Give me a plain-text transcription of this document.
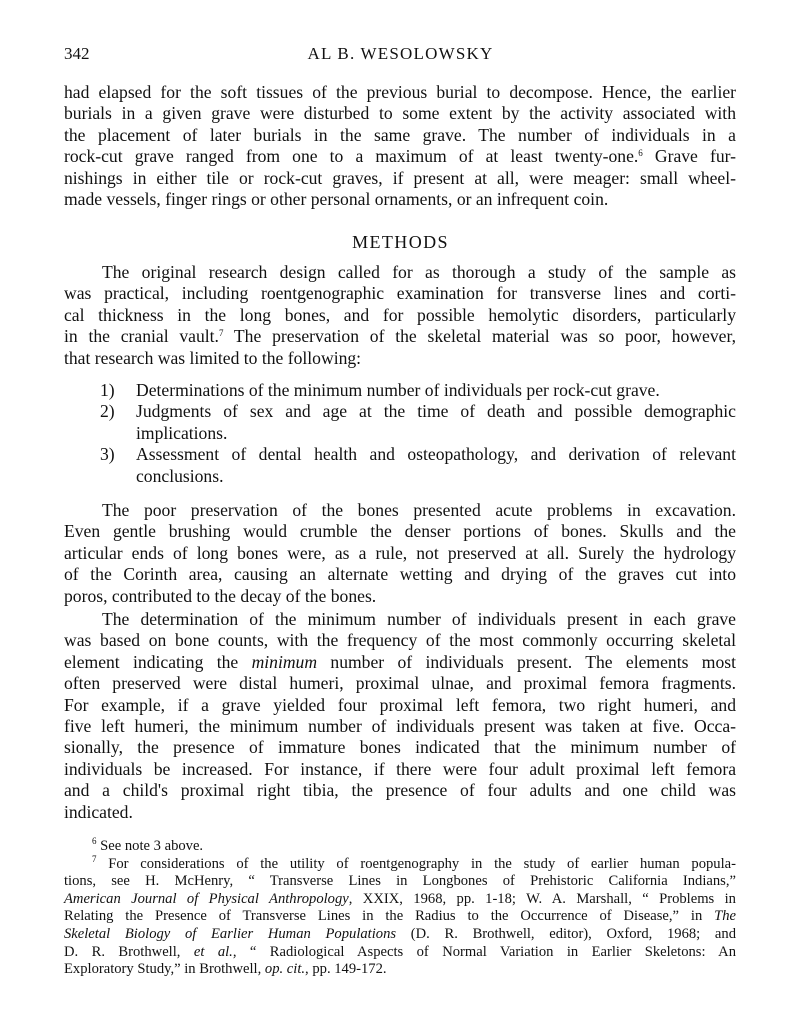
342	AL B. WESOLOWSKY

had elapsed for the soft tissues of the previous burial to decompose. Hence, the earlier

burials in a given grave were disturbed to some extent by the activity associated with

the placement of later burials in the same grave. The number of individuals in a

rock-cut grave ranged from one to a maximum of at least twenty-one.$^6$ Grave fur-

nishings in either tile or rock-cut graves, if present at all, were meager: small wheel-

made vessels, finger rings or other personal ornaments, or an infrequent coin.

METHODS

The original research design called for as thorough a study of the sample as

was practical, including roentgenographic examination for transverse lines and corti-

cal thickness in the long bones, and for possible hemolytic disorders, particularly

in the cranial vault.$^7$ The preservation of the skeletal material was so poor, however,

that research was limited to the following:

1) Determinations of the minimum number of individuals per rock-cut grave.

2) Judgments of sex and age at the time of death and possible demographic

implications.

3) Assessment of dental health and osteopathology, and derivation of relevant

conclusions.

The poor preservation of the bones presented acute problems in excavation.

Even gentle brushing would crumble the denser portions of bones. Skulls and the

articular ends of long bones were, as a rule, not preserved at all. Surely the hydrology

of the Corinth area, causing an alternate wetting and drying of the graves cut into

poros, contributed to the decay of the bones.

The determination of the minimum number of individuals present in each grave

was based on bone counts, with the frequency of the most commonly occurring skeletal

element indicating the minimum number of individuals present. The elements most

often preserved were distal humeri, proximal ulnae, and proximal femora fragments.

For example, if a grave yielded four proximal left femora, two right humeri, and

five left humeri, the minimum number of individuals present was taken at five. Occa-

sionally, the presence of immature bones indicated that the minimum number of

individuals be increased. For instance, if there were four adult proximal left femora

and a child's proximal right tibia, the presence of four adults and one child was

indicated.

$^6$ See note 3 above.

$^7$ For considerations of the utility of roentgenography in the study of earlier human popula-

tions, see H. McHenry, “ Transverse Lines in Longbones of Prehistoric California Indians,”

American Journal of Physical Anthropology, XXIX, 1968, pp. 1-18; W. A. Marshall, “ Problems in

Relating the Presence of Transverse Lines in the Radius to the Occurrence of Disease,” in The

Skeletal Biology of Earlier Human Populations (D. R. Brothwell, editor), Oxford, 1968; and

D. R. Brothwell, et al., “ Radiological Aspects of Normal Variation in Earlier Skeletons: An

Exploratory Study,” in Brothwell, op. cit., pp. 149-172.
